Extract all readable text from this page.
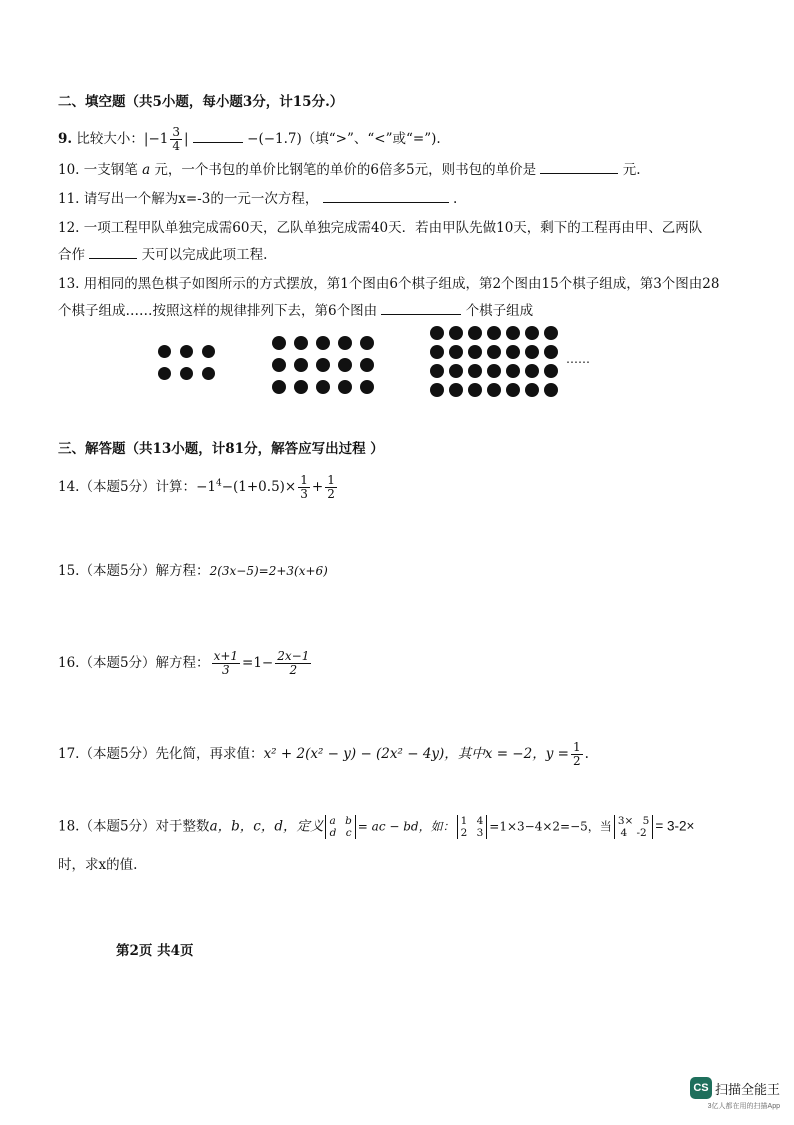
二、填空题（共5小题，每小题3分，计15分.）
9. 比较大小：$|-1 \frac{3}{4}$ |	−(−1.7)（填“>”、“<”或“=”).
10. 一支钢笔 a 元，一个书包的单价比钢笔的单价的6倍多5元，则书包的单价是	元.
11. 请写出一个解为x=-3的一元一次方程，	.
12. 一项工程甲队单独完成需60天，乙队单独完成需40天．若由甲队先做10天，剩下的工程再由甲、乙两队
合作	天可以完成此项工程.
13. 用相同的黑色棋子如图所示的方式摆放，第1个图由6个棋子组成，第2个图由15个棋子组成，第3个图由28
个棋子组成……按照这样的规律排列下去，第6个图由	个棋子组成
……
三、解答题（共13小题，计81分，解答应写出过程 ）
14.（本题5分）计算：$-1^4-(1+0.5)\times \frac{1}{3} + \frac{1}{2}$
15.（本题5分）解方程：2(3x−5)=2+3(x+6)
16.（本题5分）解方程： $\frac{x+1}{3} =1- \frac{2x-1}{2}$
17.（本题5分）先化简，再求值：x² + 2(x² − y) − (2x² − 4y)，其中x = −2，$y = \frac{1}{2}$ .
18.（本题5分）对于整数a，b，c，d，定义 a b
d c = ac − bd，如： 1 4
2 3 =1×3−4×2=−5，当 3× 5
4 -2 = 3-2×
时，求x的值.
第2页 共4页
CS 扫描全能王
3亿人都在用的扫描App
